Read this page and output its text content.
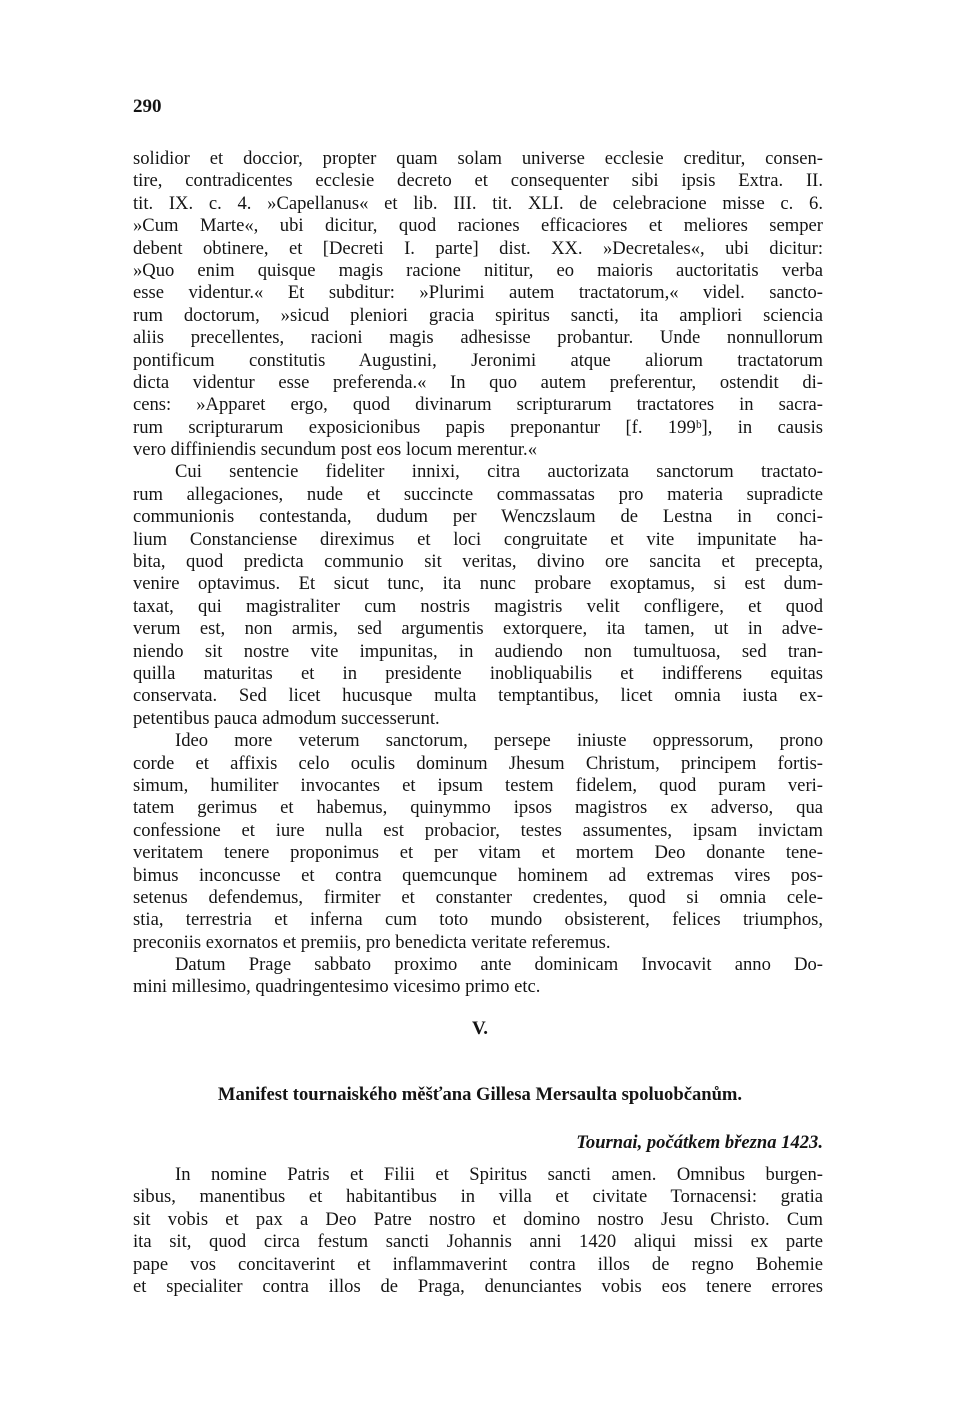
290
solidior et doccior, propter quam solam universe ecclesie creditur, consen-
tire, contradicentes ecclesie decreto et consequenter sibi ipsis Extra. II.
tit. IX. c. 4. »Capellanus« et lib. III. tit. XLI. de celebracione misse c. 6.
»Cum Marte«, ubi dicitur, quod raciones efficaciores et meliores semper
debent obtinere, et [Decreti I. parte] dist. XX. »Decretales«, ubi dicitur:
»Quo enim quisque magis racione nititur, eo maioris auctoritatis verba
esse videntur.« Et subditur: »Plurimi autem tractatorum,« videl. sancto-
rum doctorum, »sicud pleniori gracia spiritus sancti, ita ampliori sciencia
aliis precellentes, racioni magis adhesisse probantur. Unde nonnullorum
pontificum constitutis Augustini, Jeronimi atque aliorum tractatorum
dicta videntur esse preferenda.« In quo autem preferentur, ostendit di-
cens: »Apparet ergo, quod divinarum scripturarum tractatores in sacra-
rum scripturarum exposicionibus papis preponantur [f. 199ᵇ], in causis
vero diffiniendis secundum post eos locum merentur.«
Cui sentencie fideliter innixi, citra auctorizata sanctorum tractato-
rum allegaciones, nude et succincte commassatas pro materia supradicte
communionis contestanda, dudum per Wenczslaum de Lestna in conci-
lium Constanciense direximus et loci congruitate et vite impunitate ha-
bita, quod predicta communio sit veritas, divino ore sancita et precepta,
venire optavimus. Et sicut tunc, ita nunc probare exoptamus, si est dum-
taxat, qui magistraliter cum nostris magistris velit confligere, et quod
verum est, non armis, sed argumentis extorquere, ita tamen, ut in adve-
niendo sit nostre vite impunitas, in audiendo non tumultuosa, sed tran-
quilla maturitas et in presidente inobliquabilis et indifferens equitas
conservata. Sed licet hucusque multa temptantibus, licet omnia iusta ex-
petentibus pauca admodum successerunt.
Ideo more veterum sanctorum, persepe iniuste oppressorum, prono
corde et affixis celo oculis dominum Jhesum Christum, principem fortis-
simum, humiliter invocantes et ipsum testem fidelem, quod puram veri-
tatem gerimus et habemus, quinymmo ipsos magistros ex adverso, qua
confessione et iure nulla est probacior, testes assumentes, ipsam invictam
veritatem tenere proponimus et per vitam et mortem Deo donante tene-
bimus inconcusse et contra quemcunque hominem ad extremas vires pos-
setenus defendemus, firmiter et constanter credentes, quod si omnia cele-
stia, terrestria et inferna cum toto mundo obsisterent, felices triumphos,
preconiis exornatos et premiis, pro benedicta veritate referemus.
Datum Prage sabbato proximo ante dominicam Invocavit anno Do-
mini millesimo, quadringentesimo vicesimo primo etc.
V.
Manifest tournaiského měšťana Gillesa Mersaulta spoluobčanům.
Tournai, počátkem března 1423.
In nomine Patris et Filii et Spiritus sancti amen. Omnibus burgen-
sibus, manentibus et habitantibus in villa et civitate Tornacensi: gratia
sit vobis et pax a Deo Patre nostro et domino nostro Jesu Christo. Cum
ita sit, quod circa festum sancti Johannis anni 1420 aliqui missi ex parte
pape vos concitaverint et inflammaverint contra illos de regno Bohemie
et specialiter contra illos de Praga, denunciantes vobis eos tenere errores
